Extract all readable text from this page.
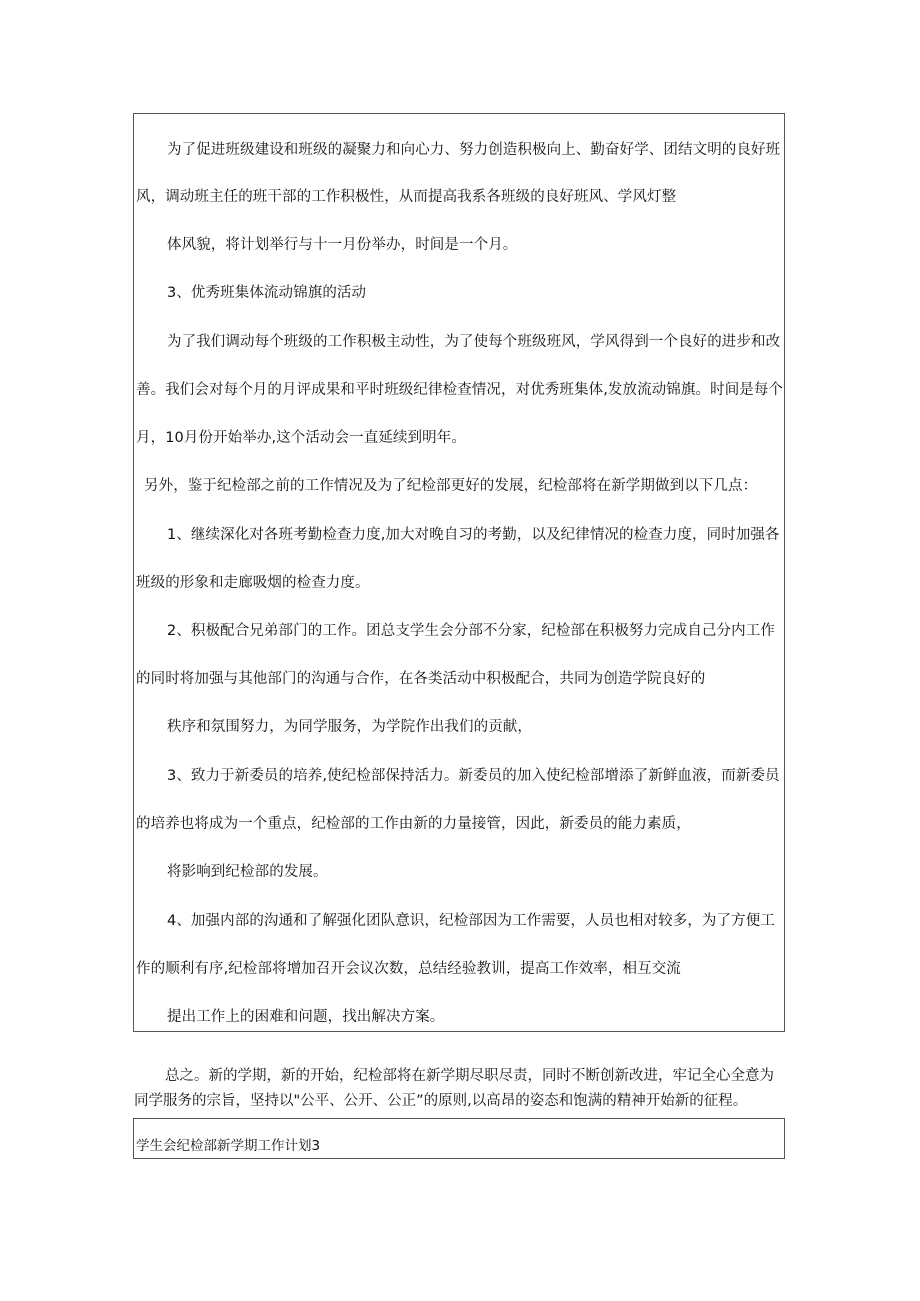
为了促进班级建设和班级的凝聚力和向心力、努力创造积极向上、勤奋好学、团结文明的良好班

风，调动班主任的班干部的工作积极性，从而提高我系各班级的良好班风、学风灯整

体风貌，将计划举行与十一月份举办，时间是一个月。

3、优秀班集体流动锦旗的活动

为了我们调动每个班级的工作积极主动性，为了使每个班级班风，学风得到一个良好的进步和改

善。我们会对每个月的月评成果和平时班级纪律检查情况，对优秀班集体,发放流动锦旗。时间是每个

月，10月份开始举办,这个活动会一直延续到明年。

另外，鉴于纪检部之前的工作情况及为了纪检部更好的发展，纪检部将在新学期做到以下几点：

1、继续深化对各班考勤检查力度,加大对晚自习的考勤，以及纪律情况的检查力度，同时加强各

班级的形象和走廊吸烟的检查力度。

2、积极配合兄弟部门的工作。团总支学生会分部不分家，纪检部在积极努力完成自己分内工作

的同时将加强与其他部门的沟通与合作，在各类活动中积极配合，共同为创造学院良好的

秩序和氛围努力，为同学服务，为学院作出我们的贡献，

3、致力于新委员的培养,使纪检部保持活力。新委员的加入使纪检部增添了新鲜血液，而新委员

的培养也将成为一个重点，纪检部的工作由新的力量接管，因此，新委员的能力素质，

将影响到纪检部的发展。

4、加强内部的沟通和了解强化团队意识，纪检部因为工作需要，人员也相对较多，为了方便工

作的顺利有序,纪检部将增加召开会议次数，总结经验教训，提高工作效率，相互交流

提出工作上的困难和问题，找出解决方案。

总之。新的学期，新的开始，纪检部将在新学期尽职尽责，同时不断创新改进，牢记全心全意为

同学服务的宗旨，坚持以"公平、公开、公正”的原则,以高昂的姿态和饱满的精神开始新的征程。

学生会纪检部新学期工作计划3
